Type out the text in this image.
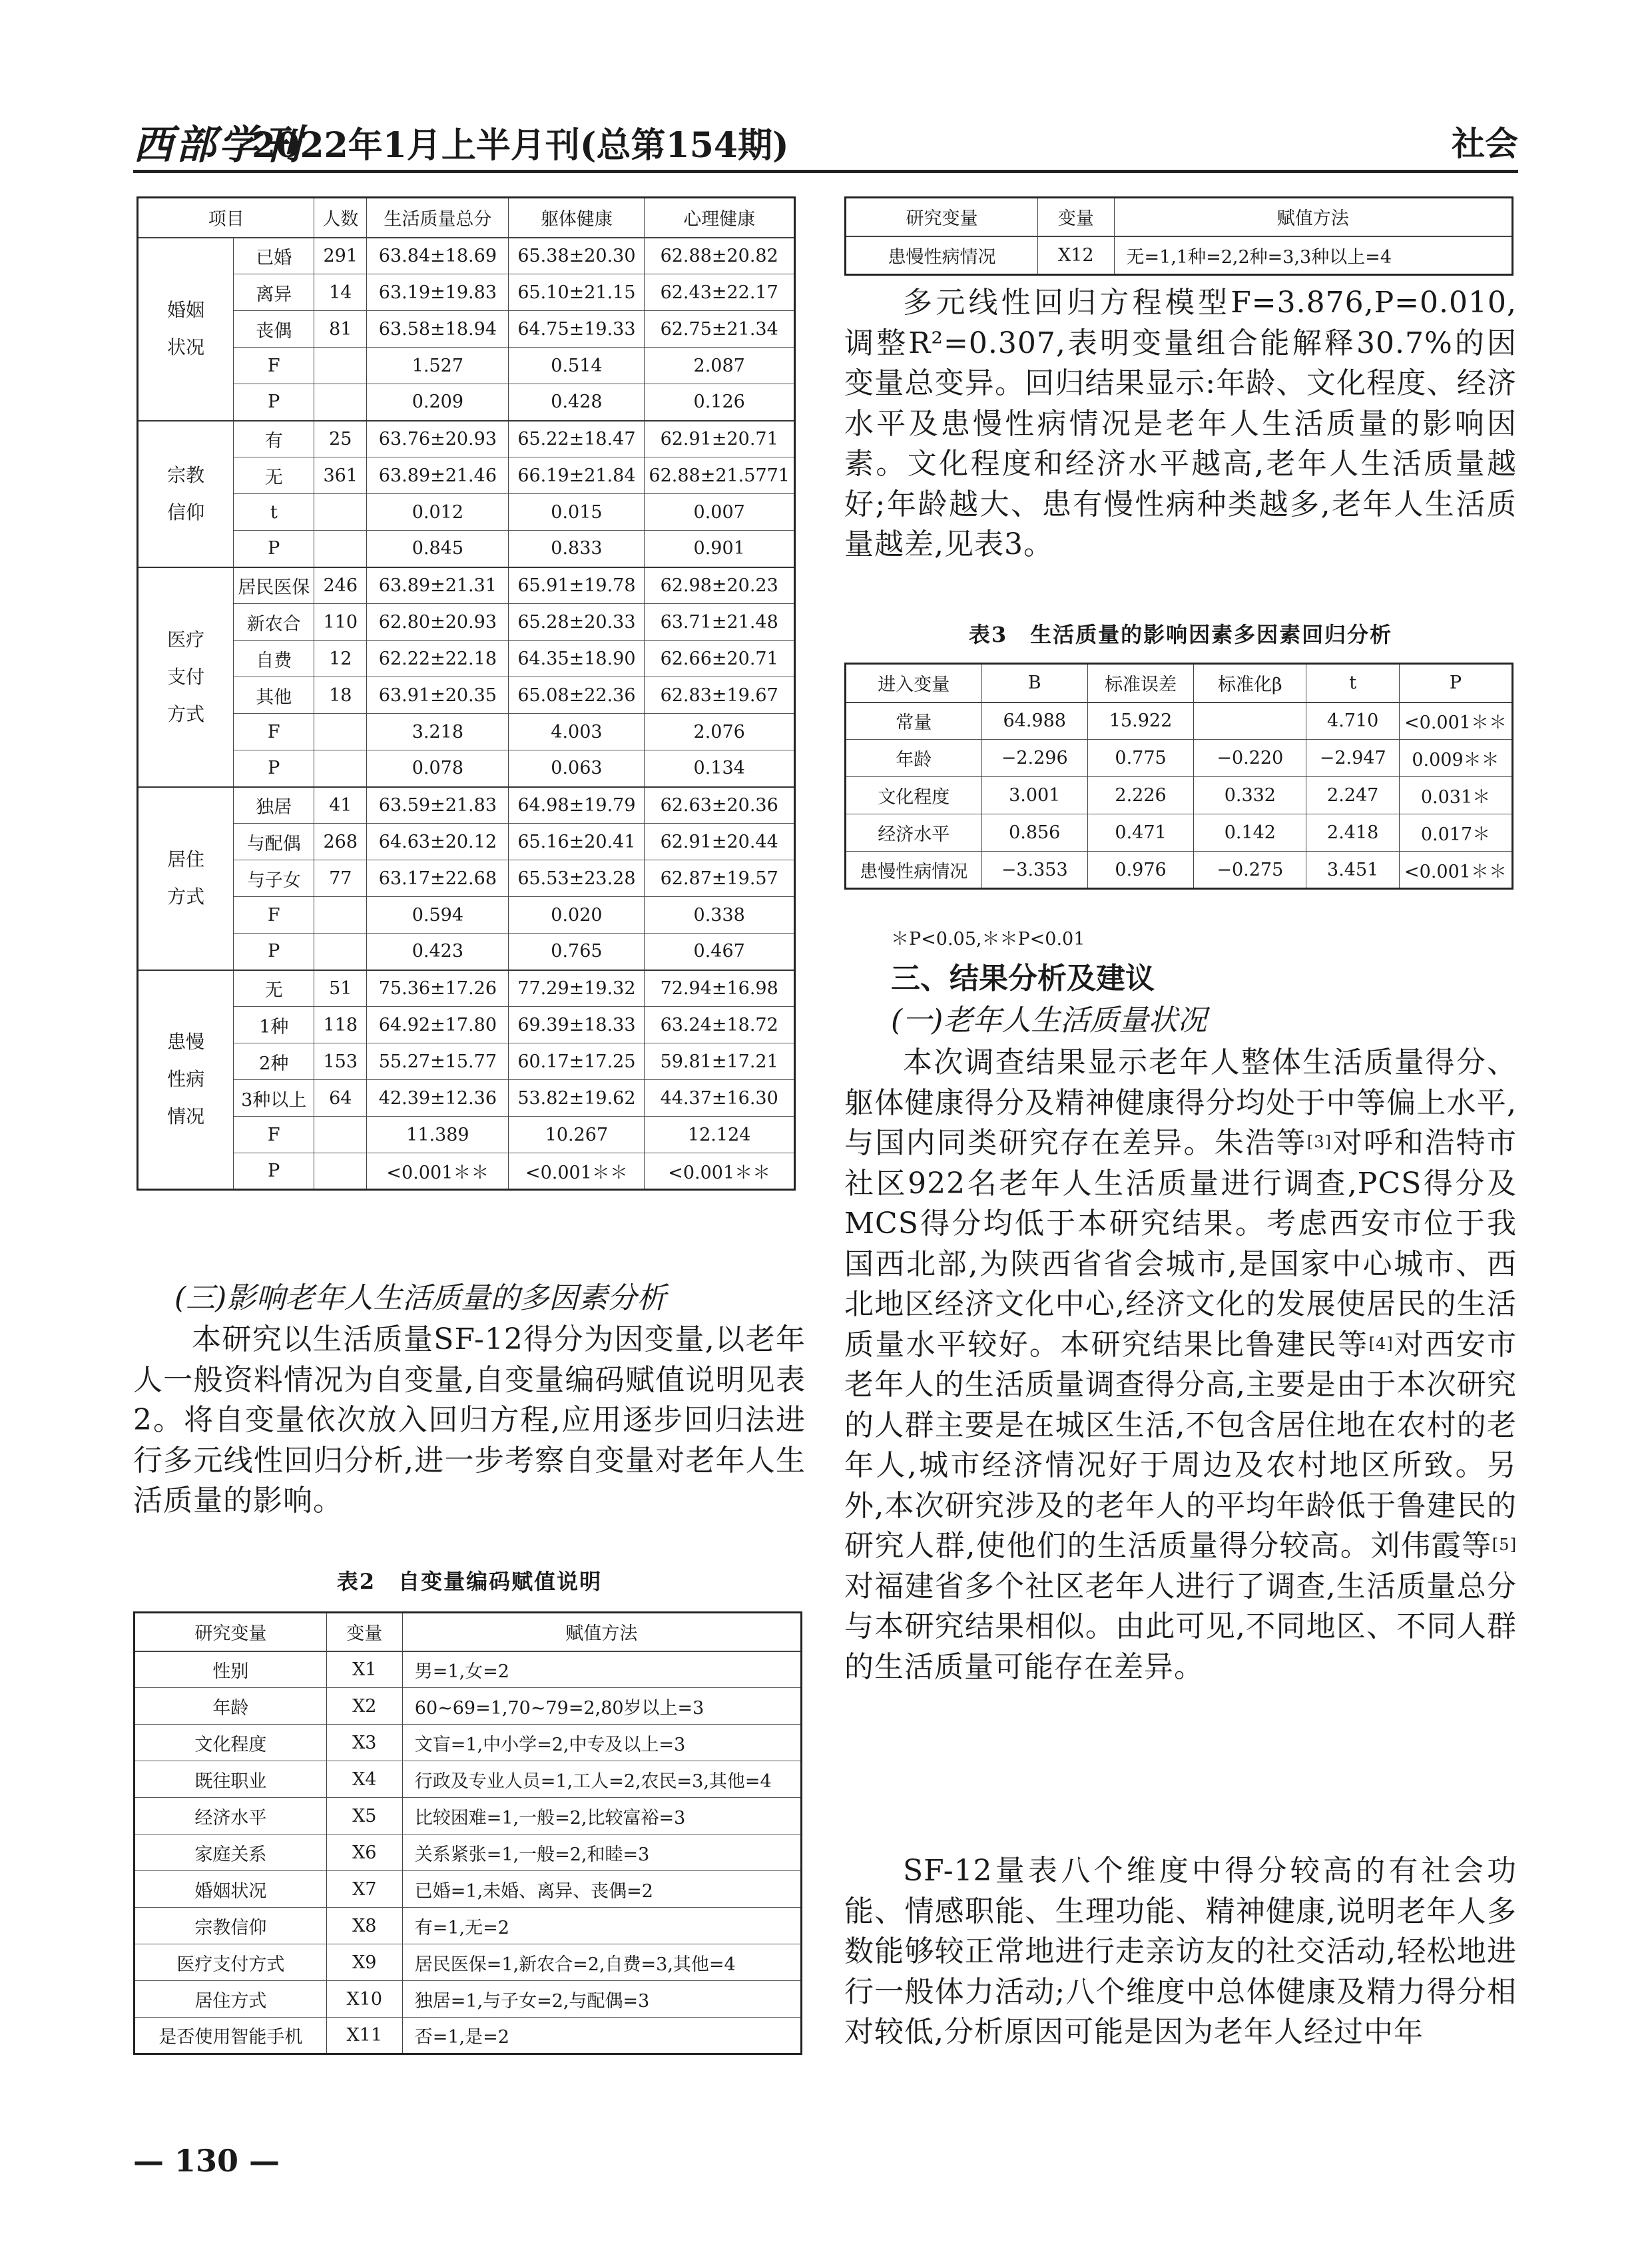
西部学刊
2022年1月上半月刊(总第154期)	社会
项目		人数	生活质量总分	躯体健康	心理健康

婚姻状况	已婚	291	63.84±18.69	65.38±20.30	62.88±20.82
	离异	14	63.19±19.83	65.10±21.15	62.43±22.17
	丧偶	81	63.58±18.94	64.75±19.33	62.75±21.34
	F		1.527	0.514	2.087
	P		0.209	0.428	0.126

宗教信仰	有	25	63.76±20.93	65.22±18.47	62.91±20.71
	无	361	63.89±21.46	66.19±21.84	62.88±21.5771
	t		0.012	0.015	0.007
	P		0.845	0.833	0.901

医疗支付方式	居民医保	246	63.89±21.31	65.91±19.78	62.98±20.23
	新农合	110	62.80±20.93	65.28±20.33	63.71±21.48
	自费	12	62.22±22.18	64.35±18.90	62.66±20.71
	其他	18	63.91±20.35	65.08±22.36	62.83±19.67
	F		3.218	4.003	2.076
	P		0.078	0.063	0.134

居住方式	独居	41	63.59±21.83	64.98±19.79	62.63±20.36
	与配偶	268	64.63±20.12	65.16±20.41	62.91±20.44
	与子女	77	63.17±22.68	65.53±23.28	62.87±19.57
	F		0.594	0.020	0.338
	P		0.423	0.765	0.467

患慢性病情况	无	51	75.36±17.26	77.29±19.32	72.94±16.98
	1种	118	64.92±17.80	69.39±18.33	63.24±18.72
	2种	153	55.27±15.77	60.17±17.25	59.81±17.21
	3种以上	64	42.39±12.36	53.82±19.62	44.37±16.30
	F		11.389	10.267	12.124
	P		<0.001＊＊	<0.001＊＊	<0.001＊＊
(三)影响老年人生活质量的多因素分析
本研究以生活质量SF-12得分为因变量,以老年人一般资料情况为自变量,自变量编码赋值说明见表2。将自变量依次放入回归方程,应用逐步回归法进行多元线性回归分析,进一步考察自变量对老年人生活质量的影响。
表2　自变量编码赋值说明
研究变量	变量	赋值方法
性别	X1	男=1,女=2
年龄	X2	60~69=1,70~79=2,80岁以上=3
文化程度	X3	文盲=1,中小学=2,中专及以上=3
既往职业	X4	行政及专业人员=1,工人=2,农民=3,其他=4
经济水平	X5	比较困难=1,一般=2,比较富裕=3
家庭关系	X6	关系紧张=1,一般=2,和睦=3
婚姻状况	X7	已婚=1,未婚、离异、丧偶=2
宗教信仰	X8	有=1,无=2
医疗支付方式	X9	居民医保=1,新农合=2,自费=3,其他=4
居住方式	X10	独居=1,与子女=2,与配偶=3
是否使用智能手机	X11	否=1,是=2
研究变量	变量	赋值方法
患慢性病情况	X12	无=1,1种=2,2种=3,3种以上=4
多元线性回归方程模型F=3.876,P=0.010,调整R²=0.307,表明变量组合能解释30.7%的因变量总变异。回归结果显示:年龄、文化程度、经济水平及患慢性病情况是老年人生活质量的影响因素。文化程度和经济水平越高,老年人生活质量越好;年龄越大、患有慢性病种类越多,老年人生活质量越差,见表3。
表3　生活质量的影响因素多因素回归分析
进入变量	B	标准误差	标准化β	t	P
常量	64.988	15.922		4.710	<0.001＊＊
年龄	−2.296	0.775	−0.220	−2.947	0.009＊＊
文化程度	3.001	2.226	0.332	2.247	0.031＊
经济水平	0.856	0.471	0.142	2.418	0.017＊
患慢性病情况	−3.353	0.976	−0.275	3.451	<0.001＊＊
＊P<0.05,＊＊P<0.01
三、结果分析及建议
(一)老年人生活质量状况
本次调查结果显示老年人整体生活质量得分、躯体健康得分及精神健康得分均处于中等偏上水平,与国内同类研究存在差异。朱浩等[3]对呼和浩特市社区922名老年人生活质量进行调查,PCS得分及MCS得分均低于本研究结果。考虑西安市位于我国西北部,为陕西省省会城市,是国家中心城市、西北地区经济文化中心,经济文化的发展使居民的生活质量水平较好。本研究结果比鲁建民等[4]对西安市老年人的生活质量调查得分高,主要是由于本次研究的人群主要是在城区生活,不包含居住地在农村的老年人,城市经济情况好于周边及农村地区所致。另外,本次研究涉及的老年人的平均年龄低于鲁建民的研究人群,使他们的生活质量得分较高。刘伟霞等[5]对福建省多个社区老年人进行了调查,生活质量总分与本研究结果相似。由此可见,不同地区、不同人群的生活质量可能存在差异。
SF-12量表八个维度中得分较高的有社会功能、情感职能、生理功能、精神健康,说明老年人多数能够较正常地进行走亲访友的社交活动,轻松地进行一般体力活动;八个维度中总体健康及精力得分相对较低,分析原因可能是因为老年人经过中年
— 130 —
